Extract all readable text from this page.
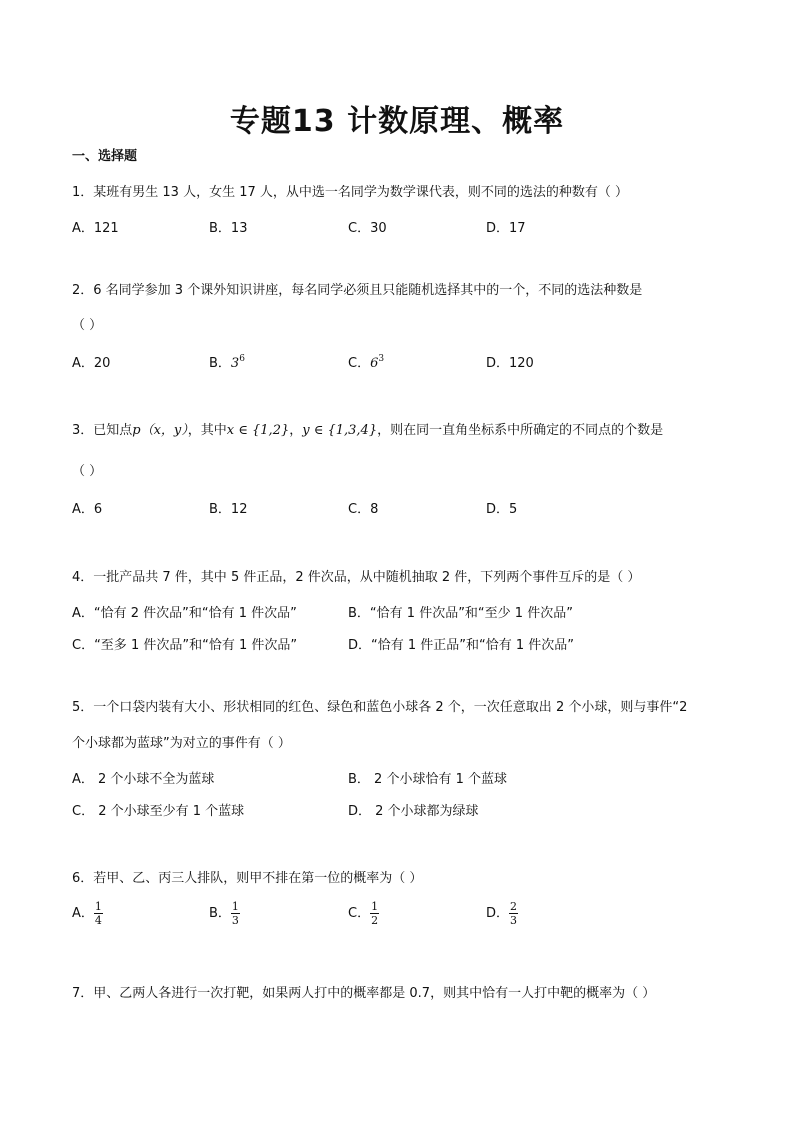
专题13 计数原理、概率
一、选择题
1．某班有男生 13 人，女生 17 人，从中选一名同学为数学课代表，则不同的选法的种数有（ ）
A．121	B．13	C．30	D．17
2．6 名同学参加 3 个课外知识讲座，每名同学必须且只能随机选择其中的一个，不同的选法种数是
（ ）
A．20	B．$3^6$	C．$6^3$	D．120
3．已知点p（x，y），其中x ∈ {1,2}，y ∈ {1,3,4}，则在同一直角坐标系中所确定的不同点的个数是
（ ）
A．6	B．12	C．8	D．5
4．一批产品共 7 件，其中 5 件正品，2 件次品，从中随机抽取 2 件，下列两个事件互斥的是（ ）
A．“恰有 2 件次品”和“恰有 1 件次品”	B．“恰有 1 件次品”和“至少 1 件次品”
C．“至多 1 件次品”和“恰有 1 件次品”	D．“恰有 1 件正品”和“恰有 1 件次品”
5．一个口袋内装有大小、形状相同的红色、绿色和蓝色小球各 2 个，一次任意取出 2 个小球，则与事件“2
个小球都为蓝球”为对立的事件有（ ）
A． 2 个小球不全为蓝球	B． 2 个小球恰有 1 个蓝球
C． 2 个小球至少有 1 个蓝球	D． 2 个小球都为绿球
6．若甲、乙、丙三人排队，则甲不排在第一位的概率为（ ）
A． $\frac{1}{4}$	B． $\frac{1}{3}$	C． $\frac{1}{2}$	D． $\frac{2}{3}$
7．甲、乙两人各进行一次打靶，如果两人打中的概率都是 0.7，则其中恰有一人打中靶的概率为（ ）
